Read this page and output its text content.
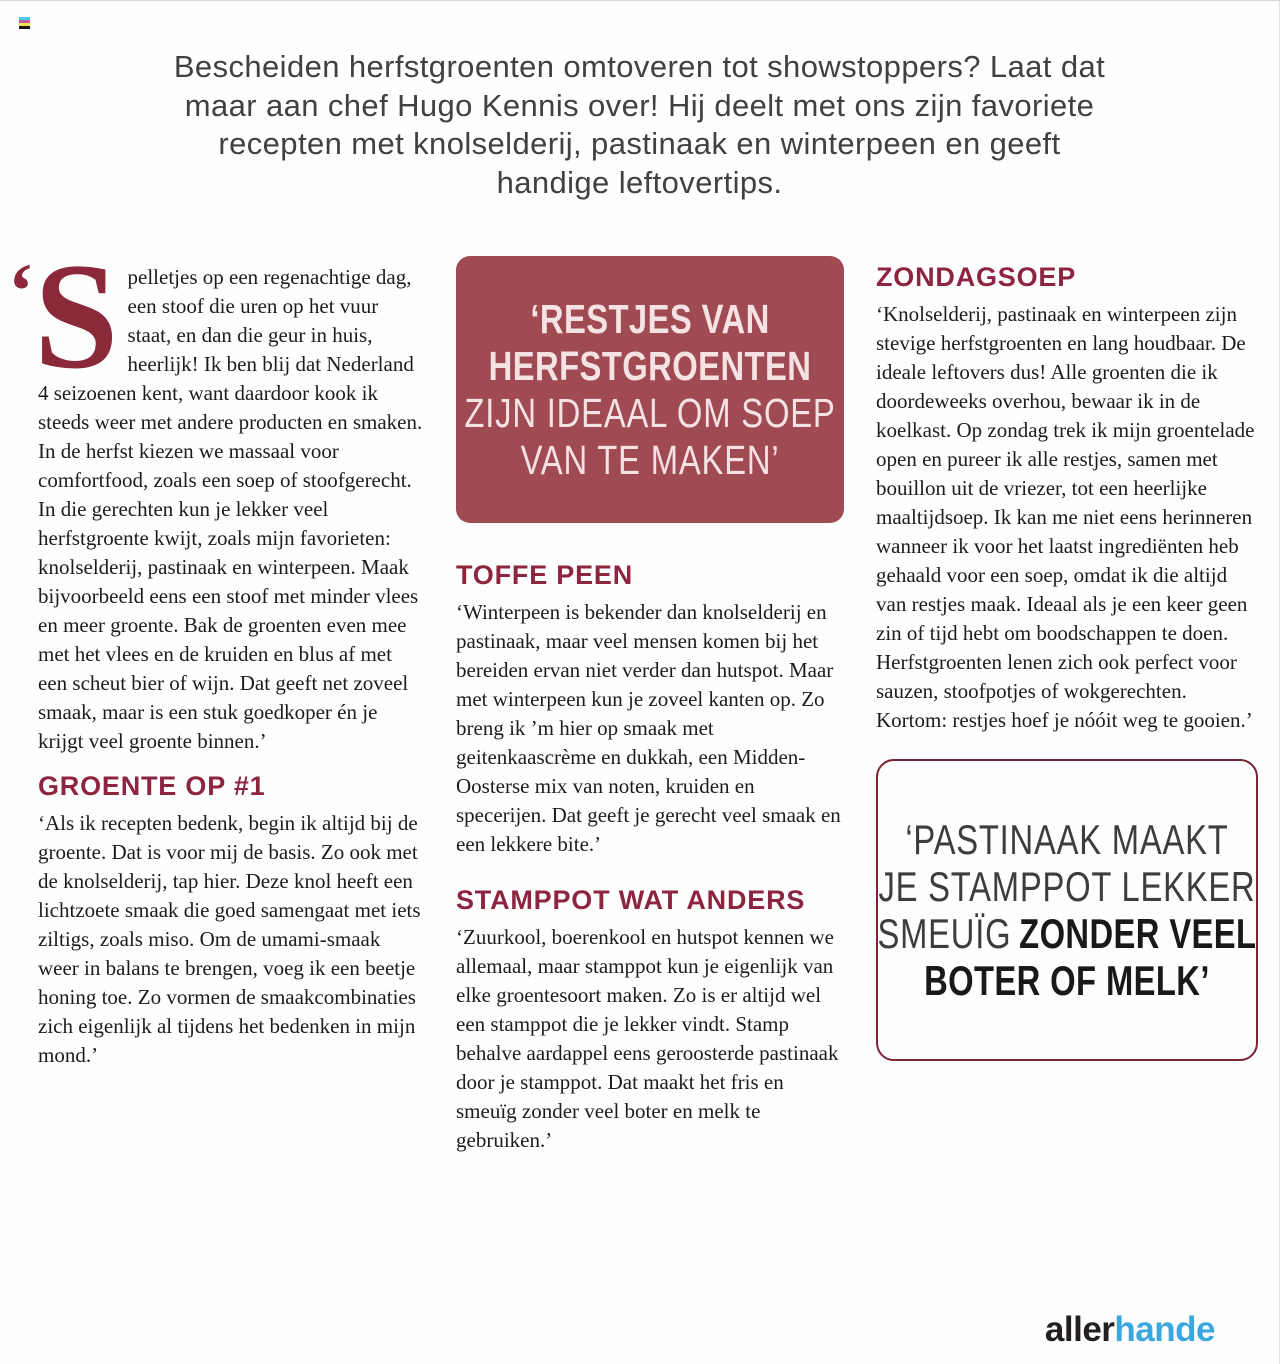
Bescheiden herfstgroenten omtoveren tot showstoppers? Laat dat maar aan chef Hugo Kennis over! Hij deelt met ons zijn favoriete recepten met knolselderij, pastinaak en winterpeen en geeft handige leftovertips.

‘ S pelletjes op een regenachtige dag, een stoof die uren op het vuur staat, en dan die geur in huis, heerlijk! Ik ben blij dat Nederland 4 seizoenen kent, want daardoor kook ik steeds weer met andere producten en smaken. In de herfst kiezen we massaal voor comfortfood, zoals een soep of stoofgerecht. In die gerechten kun je lekker veel herfstgroente kwijt, zoals mijn favorieten: knolselderij, pastinaak en winterpeen. Maak bijvoorbeeld eens een stoof met minder vlees en meer groente. Bak de groenten even mee met het vlees en de kruiden en blus af met een scheut bier of wijn. Dat geeft net zoveel smaak, maar is een stuk goedkoper én je krijgt veel groente binnen.’

GROENTE OP #1

‘Als ik recepten bedenk, begin ik altijd bij de groente. Dat is voor mij de basis. Zo ook met de knolselderij, tap hier. Deze knol heeft een lichtzoete smaak die goed samengaat met iets ziltigs, zoals miso. Om de umami-smaak weer in balans te brengen, voeg ik een beetje honing toe. Zo vormen de smaakcombinaties zich eigenlijk al tijdens het bedenken in mijn mond.’

‘RESTJES VAN
HERFSTGROENTEN
ZIJN IDEAAL OM SOEP
VAN TE MAKEN’
TOFFE PEEN

‘Winterpeen is bekender dan knolselderij en pastinaak, maar veel mensen komen bij het bereiden ervan niet verder dan hutspot. Maar met winterpeen kun je zoveel kanten op. Zo breng ik ’m hier op smaak met geitenkaascrème en dukkah, een Midden-Oosterse mix van noten, kruiden en specerijen. Dat geeft je gerecht veel smaak en een lekkere bite.’

STAMPPOT WAT ANDERS

‘Zuurkool, boerenkool en hutspot kennen we allemaal, maar stamppot kun je eigenlijk van elke groentesoort maken. Zo is er altijd wel een stamppot die je lekker vindt. Stamp behalve aardappel eens geroosterde pastinaak door je stamppot. Dat maakt het fris en smeuïg zonder veel boter en melk te gebruiken.’

ZONDAGSOEP

‘Knolselderij, pastinaak en winterpeen zijn stevige herfstgroenten en lang houdbaar. De ideale leftovers dus! Alle groenten die ik doordeweeks overhou, bewaar ik in de koelkast. Op zondag trek ik mijn groentelade open en pureer ik alle restjes, samen met bouillon uit de vriezer, tot een heerlijke maaltijdsoep. Ik kan me niet eens herinneren wanneer ik voor het laatst ingrediënten heb gehaald voor een soep, omdat ik die altijd van restjes maak. Ideaal als je een keer geen zin of tijd hebt om boodschappen te doen. Herfstgroenten lenen zich ook perfect voor sauzen, stoofpotjes of wokgerechten. Kortom: restjes hoef je nóóit weg te gooien.’

‘PASTINAAK MAAKT
JE STAMPPOT LEKKER
SMEUÏG ZONDER VEEL
BOTER OF MELK’
allerhande
